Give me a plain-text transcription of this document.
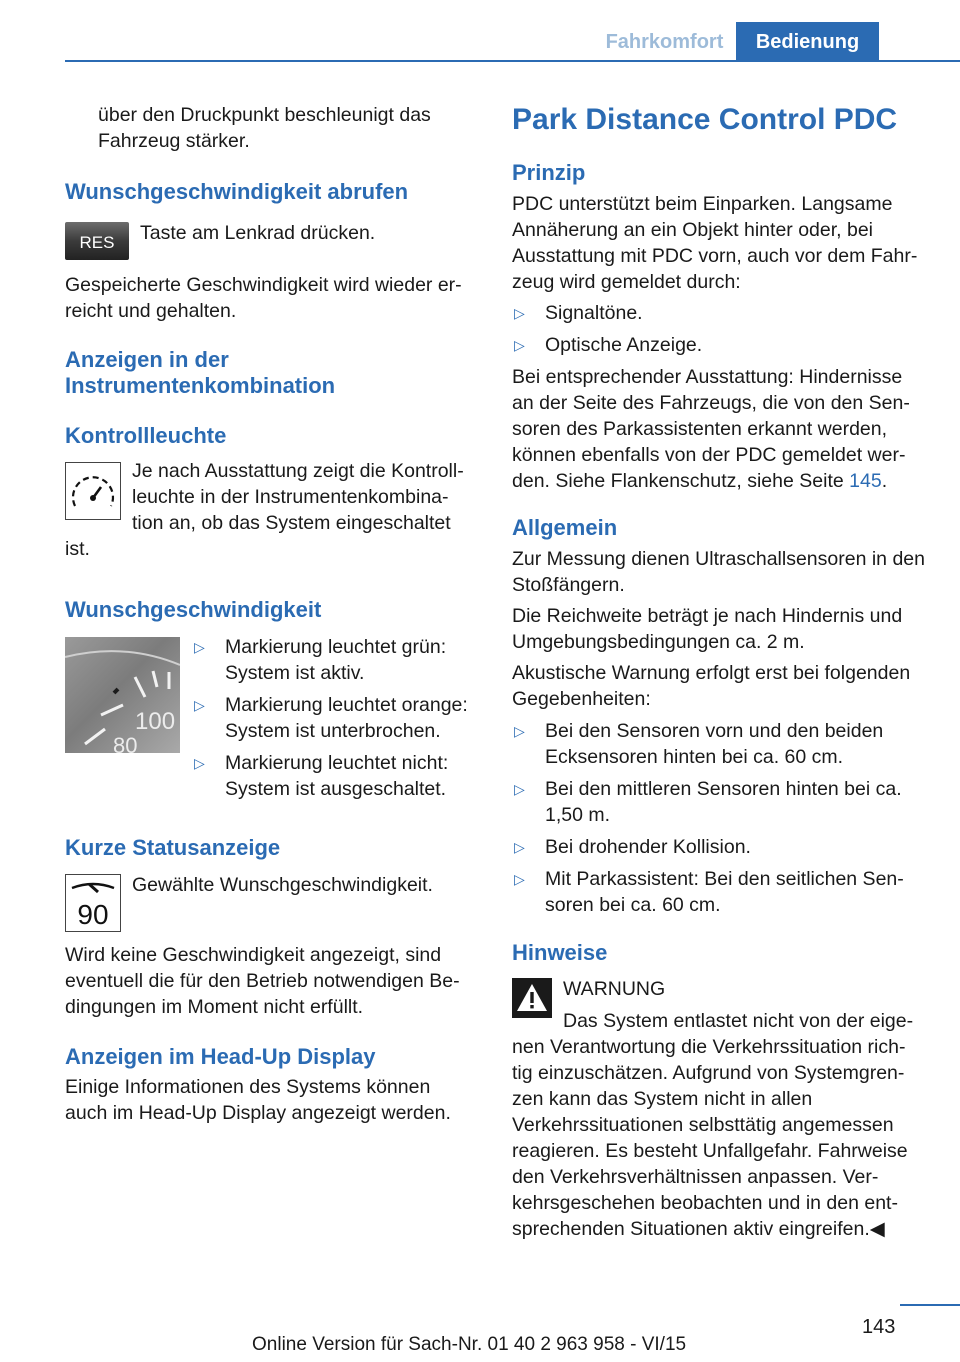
Fahrkomfort	Bedienung

über den Druckpunkt beschleunigt das Fahrzeug stärker.

Wunschgeschwindigkeit abrufen
RES Taste am Lenkrad drücken.

Gespeicherte Geschwindigkeit wird wieder er‐ reicht und gehalten.

Anzeigen in der
Instrumentenkombination
Kontrollleuchte
Je nach Ausstattung zeigt die Kontroll‐ leuchte in der Instrumentenkombina‐ tion an, ob das System eingeschaltet

ist.

Wunschgeschwindigkeit
100
80
▷	Markierung leuchtet grün: System ist aktiv.
▷	Markierung leuchtet orange: System ist unterbrochen.
▷	Markierung leuchtet nicht: System ist ausgeschaltet.
Kurze Statusanzeige
90
Gewählte Wunschgeschwindigkeit.

Wird keine Geschwindigkeit angezeigt, sind eventuell die für den Betrieb notwendigen Be‐ dingungen im Moment nicht erfüllt.

Anzeigen im Head-Up Display

Einige Informationen des Systems können auch im Head-Up Display angezeigt werden.

Park Distance Control PDC
Prinzip

PDC unterstützt beim Einparken. Langsame Annäherung an ein Objekt hinter oder, bei Ausstattung mit PDC vorn, auch vor dem Fahr‐ zeug wird gemeldet durch:

▷	Signaltöne.
▷	Optische Anzeige.

Bei entsprechender Ausstattung: Hindernisse an der Seite des Fahrzeugs, die von den Sen‐ soren des Parkassistenten erkannt werden, können ebenfalls von der PDC gemeldet wer‐ den. Siehe Flankenschutz, siehe Seite 145.

Allgemein

Zur Messung dienen Ultraschallsensoren in den Stoßfängern.

Die Reichweite beträgt je nach Hindernis und Umgebungsbedingungen ca. 2 m.

Akustische Warnung erfolgt erst bei folgenden Gegebenheiten:

▷	Bei den Sensoren vorn und den beiden Ecksensoren hinten bei ca. 60 cm.
▷	Bei den mittleren Sensoren hinten bei ca. 1,50 m.
▷	Bei drohender Kollision.
▷	Mit Parkassistent: Bei den seitlichen Sen‐ soren bei ca. 60 cm.
Hinweise
WARNUNG
Das System entlastet nicht von der eige‐

nen Verantwortung die Verkehrssituation rich‐ tig einzuschätzen. Aufgrund von Systemgren‐ zen kann das System nicht in allen Verkehrssituationen selbsttätig angemessen reagieren. Es besteht Unfallgefahr. Fahrweise den Verkehrsverhältnissen anpassen. Ver‐ kehrsgeschehen beobachten und in den ent‐ sprechenden Situationen aktiv eingreifen.◀

143
Online Version für Sach-Nr. 01 40 2 963 958 - VI/15
